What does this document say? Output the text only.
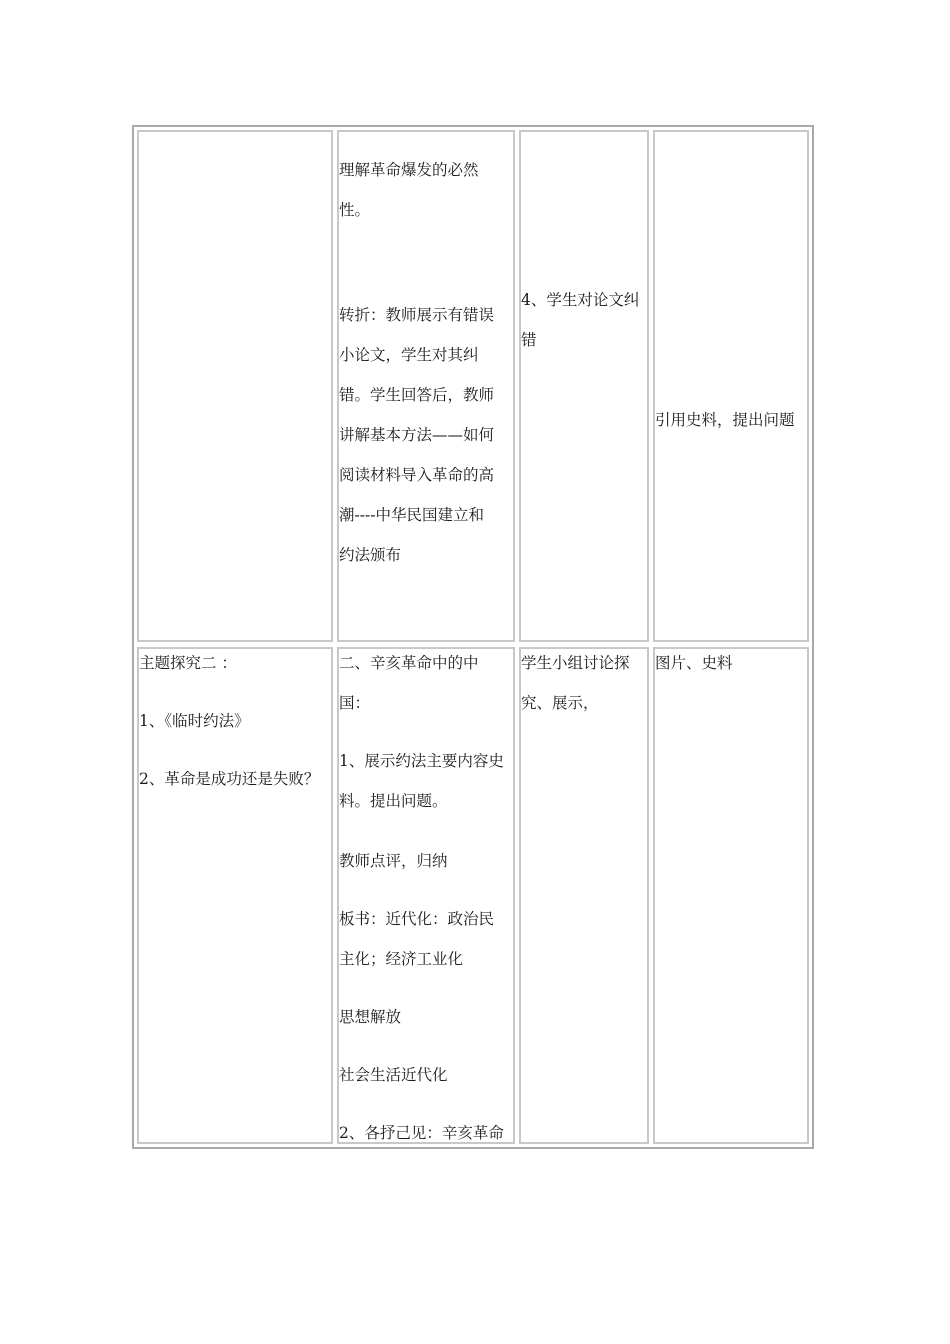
理解革命爆发的必然

性。

转折：教师展示有错误

小论文，学生对其纠

错。学生回答后，教师

讲解基本方法——如何

阅读材料导入革命的高

潮----中华民国建立和

约法颁布

4、学生对论文纠

错

引用史料，提出问题

主题探究二 ：

1、《临时约法》

2、革命是成功还是失败？

二、辛亥革命中的中

国：

1、展示约法主要内容史

料。提出问题。

教师点评，归纳

板书：近代化：政治民

主化；经济工业化

思想解放

社会生活近代化

2、各抒己见：辛亥革命

学生小组讨论探

究、展示，

图片、史料
